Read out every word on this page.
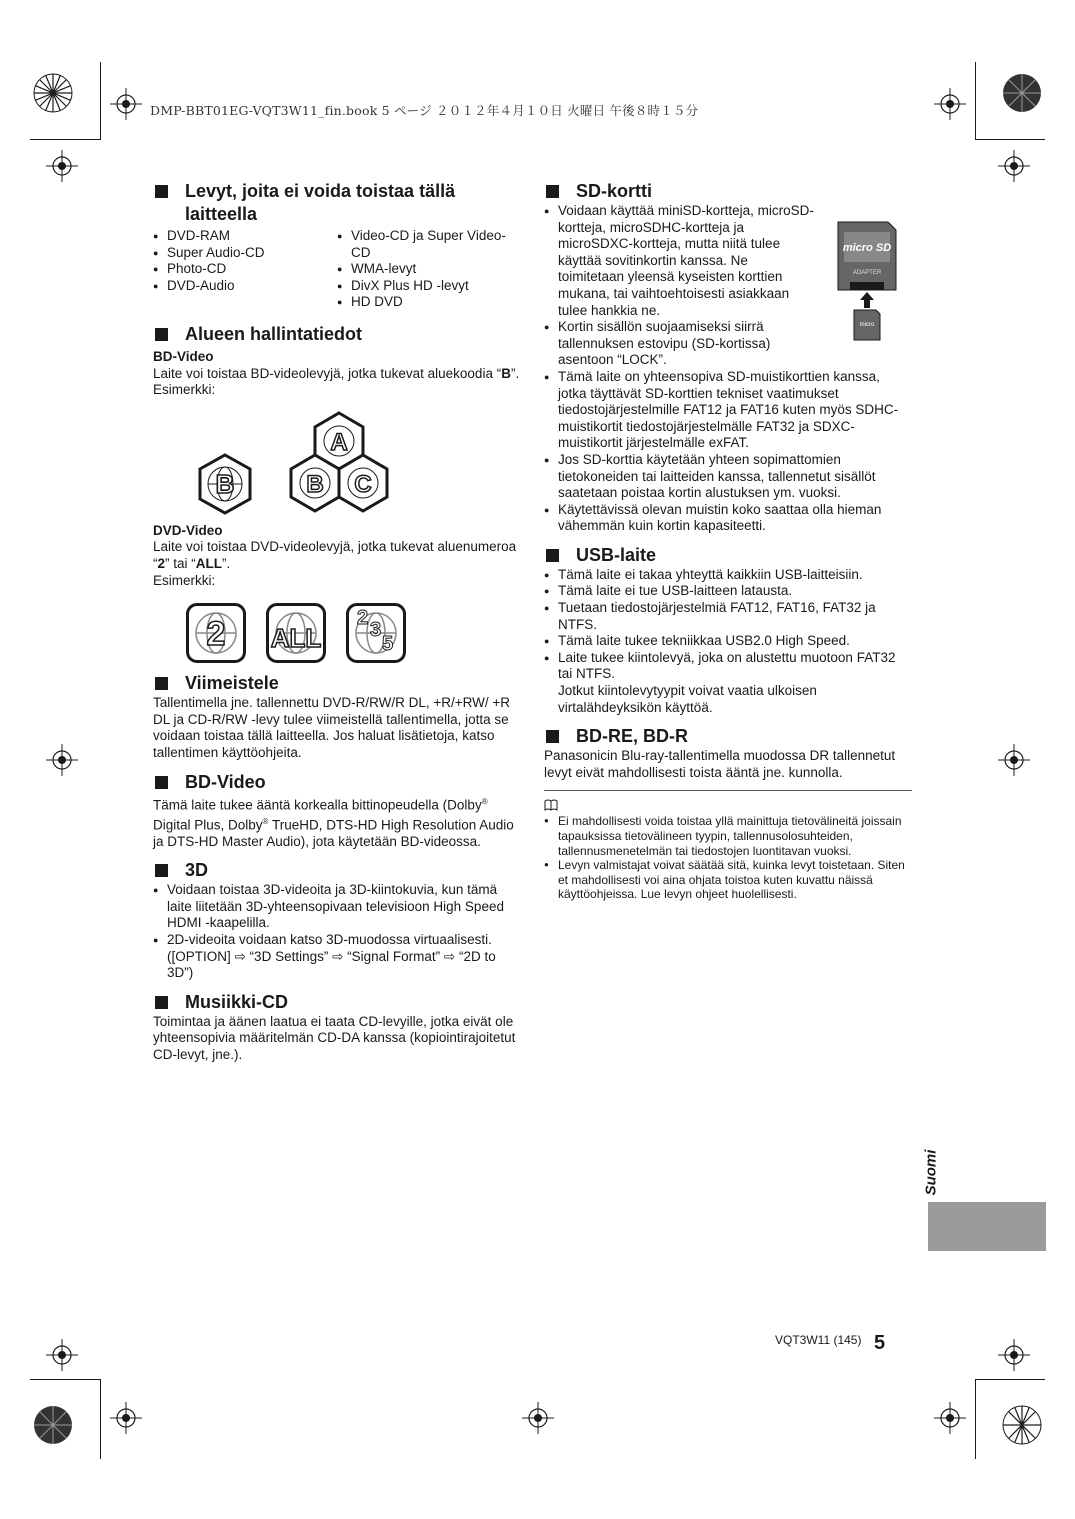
DMP-BBT01EG-VQT3W11_fin.book 5 ページ ２０１２年４月１０日 火曜日 午後８時１５分
Levyt, joita ei voida toistaa tällä laitteella
● DVD-RAM
● Super Audio-CD
● Photo-CD
● DVD-Audio
● Video-CD ja Super Video-CD
● WMA-levyt
● DivX Plus HD -levyt
● HD DVD
Alueen hallintatiedot
BD-Video

Laite voi toistaa BD-videolevyjä, jotka tukevat aluekoodia “B”.

Esimerkki:

B
A
B C
DVD-Video

Laite voi toistaa DVD-videolevyjä, jotka tukevat aluenumeroa “2” tai “ALL”.

Esimerkki:

2	ALL
2
3
5
Viimeistele

Tallentimella jne. tallennettu DVD-R/RW/R DL, +R/+RW/ +R DL ja CD-R/RW -levy tulee viimeistellä tallentimella, jotta se voidaan toistaa tällä laitteella. Jos haluat lisätietoja, katso tallentimen käyttöohjeita.

BD-Video

Tämä laite tukee ääntä korkealla bittinopeudella (Dolby® Digital Plus, Dolby® TrueHD, DTS-HD High Resolution Audio ja DTS-HD Master Audio), jota käytetään BD-videossa.

3D
● Voidaan toistaa 3D-videoita ja 3D-kiintokuvia, kun tämä laite liitetään 3D-yhteensopivaan televisioon High Speed HDMI -kaapelilla.
● 2D-videoita voidaan katso 3D-muodossa virtuaalisesti. ([OPTION] ⇨ “3D Settings” ⇨ “Signal Format” ⇨ “2D to 3D”)
Musiikki-CD

Toimintaa ja äänen laatua ei taata CD-levyille, jotka eivät ole yhteensopivia määritelmän CD-DA kanssa (kopiointirajoitetut CD-levyt, jne.).

SD-kortti
micro SD
ADAPTER
micro
● Voidaan käyttää miniSD-kortteja, microSD-kortteja, microSDHC-kortteja ja microSDXC-kortteja, mutta niitä tulee käyttää sovitinkortin kanssa. Ne toimitetaan yleensä kyseisten korttien mukana, tai vaihtoehtoisesti asiakkaan tulee hankkia ne.
● Kortin sisällön suojaamiseksi siirrä tallennuksen estovipu (SD-kortissa) asentoon “LOCK”.
● Tämä laite on yhteensopiva SD-muistikorttien kanssa, jotka täyttävät SD-korttien tekniset vaatimukset tiedostojärjestelmille FAT12 ja FAT16 kuten myös SDHC-muistikortit tiedostojärjestelmälle FAT32 ja SDXC-muistikortit järjestelmälle exFAT.
● Jos SD-korttia käytetään yhteen sopimattomien tietokoneiden tai laitteiden kanssa, tallennetut sisällöt saatetaan poistaa kortin alustuksen ym. vuoksi.
● Käytettävissä olevan muistin koko saattaa olla hieman vähemmän kuin kortin kapasiteetti.
USB-laite
● Tämä laite ei takaa yhteyttä kaikkiin USB-laitteisiin.
● Tämä laite ei tue USB-laitteen latausta.
● Tuetaan tiedostojärjestelmiä FAT12, FAT16, FAT32 ja NTFS.
● Tämä laite tukee tekniikkaa USB2.0 High Speed.
● Laite tukee kiintolevyä, joka on alustettu muotoon FAT32 tai NTFS.

Jotkut kiintolevytyypit voivat vaatia ulkoisen virtalähdeyksikön käyttöä.

BD-RE, BD-R

Panasonicin Blu-ray-tallentimella muodossa DR tallennetut levyt eivät mahdollisesti toista ääntä jne. kunnolla.

● Ei mahdollisesti voida toistaa yllä mainittuja tietovälineitä joissain tapauksissa tietovälineen tyypin, tallennusolosuhteiden, tallennusmenetelmän tai tiedostojen luontitavan vuoksi.
● Levyn valmistajat voivat säätää sitä, kuinka levyt toistetaan. Siten et mahdollisesti voi aina ohjata toistoa kuten kuvattu näissä käyttöohjeissa. Lue levyn ohjeet huolellisesti.
Suomi
VQT3W11 (145) 5
